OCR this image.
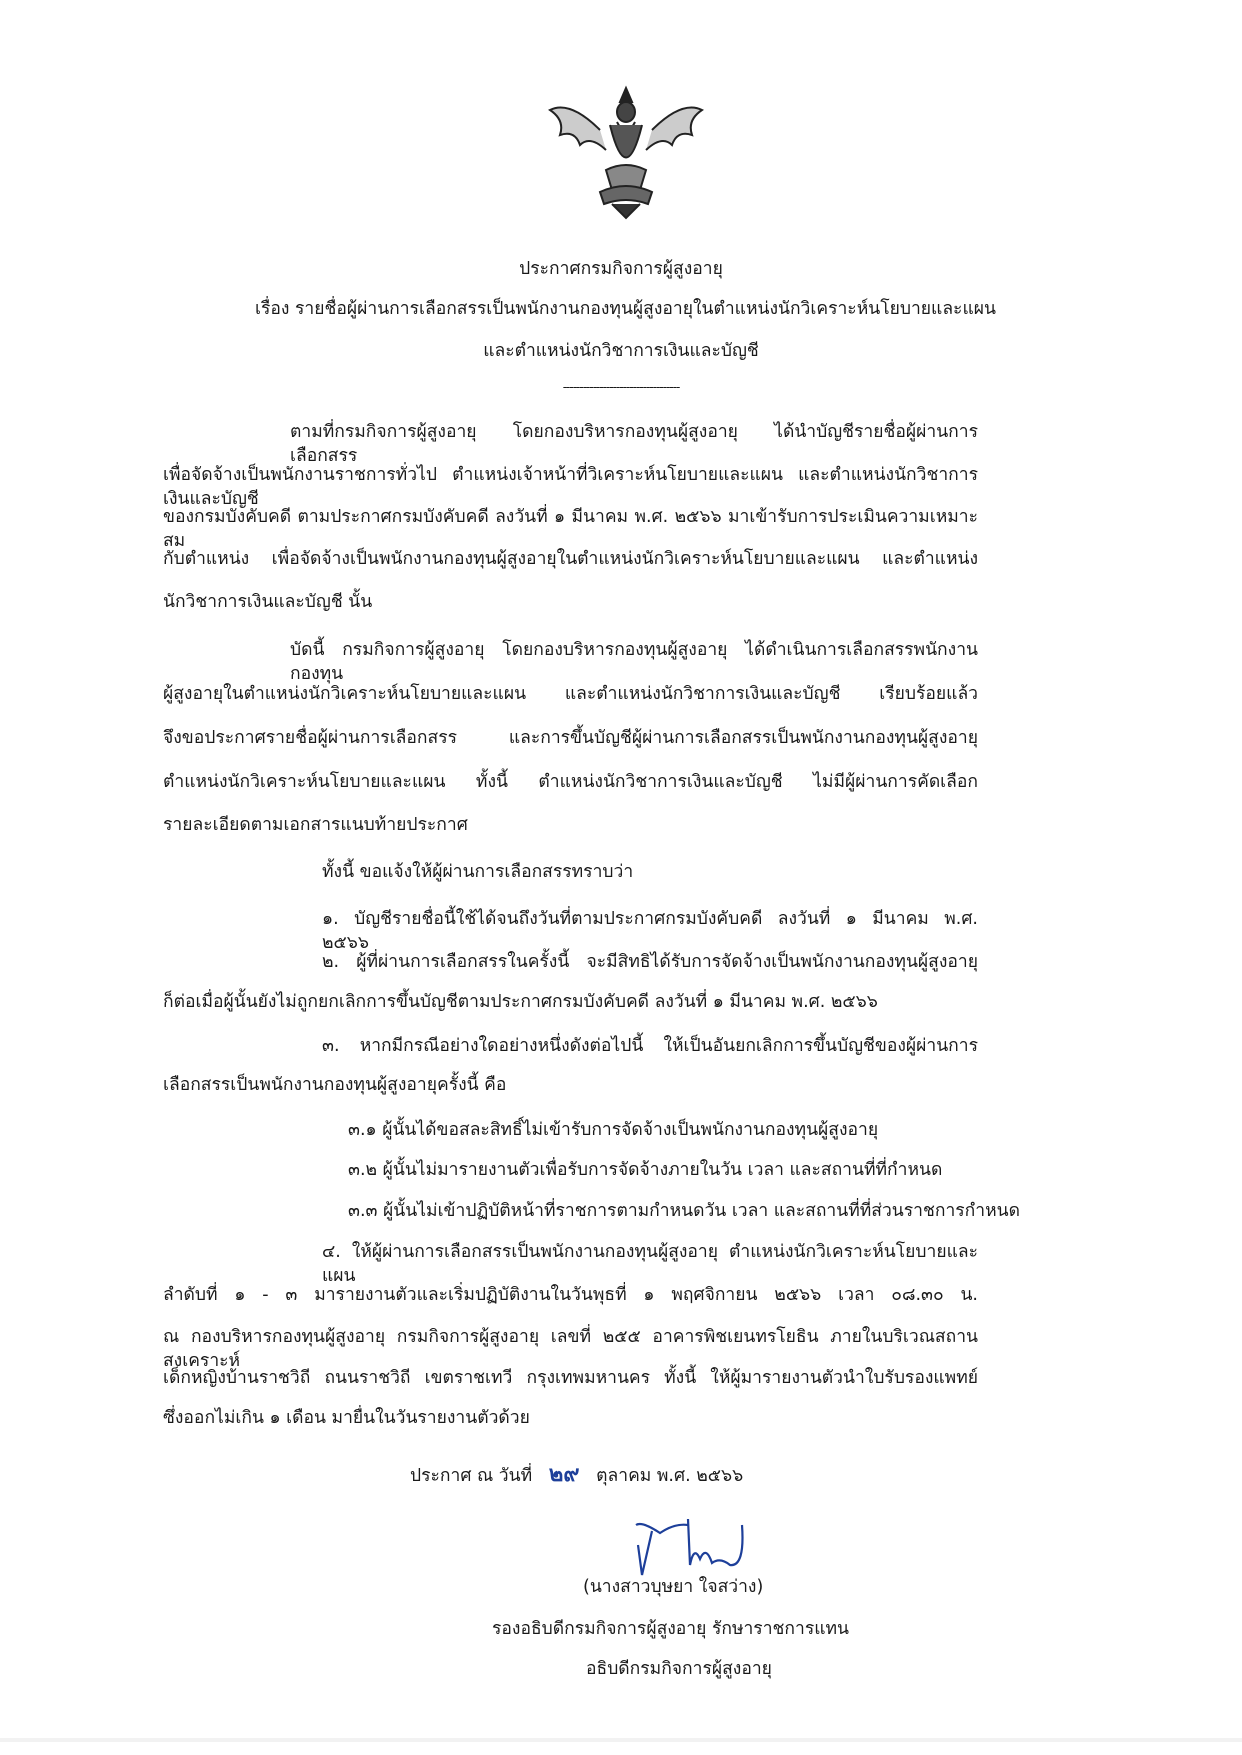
ประกาศกรมกิจการผู้สูงอายุ
เรื่อง รายชื่อผู้ผ่านการเลือกสรรเป็นพนักงานกองทุนผู้สูงอายุในตำแหน่งนักวิเคราะห์นโยบายและแผน
และตำแหน่งนักวิชาการเงินและบัญชี
-----------------------------------
ตามที่กรมกิจการผู้สูงอายุ โดยกองบริหารกองทุนผู้สูงอายุ ได้นำบัญชีรายชื่อผู้ผ่านการเลือกสรร
เพื่อจัดจ้างเป็นพนักงานราชการทั่วไป ตำแหน่งเจ้าหน้าที่วิเคราะห์นโยบายและแผน และตำแหน่งนักวิชาการเงินและบัญชี
ของกรมบังคับคดี ตามประกาศกรมบังคับคดี ลงวันที่ ๑ มีนาคม พ.ศ. ๒๕๖๖ มาเข้ารับการประเมินความเหมาะสม
กับตำแหน่ง เพื่อจัดจ้างเป็นพนักงานกองทุนผู้สูงอายุในตำแหน่งนักวิเคราะห์นโยบายและแผน และตำแหน่ง
นักวิชาการเงินและบัญชี นั้น
บัดนี้ กรมกิจการผู้สูงอายุ โดยกองบริหารกองทุนผู้สูงอายุ ได้ดำเนินการเลือกสรรพนักงานกองทุน
ผู้สูงอายุในตำแหน่งนักวิเคราะห์นโยบายและแผน และตำแหน่งนักวิชาการเงินและบัญชี เรียบร้อยแล้ว
จึงขอประกาศรายชื่อผู้ผ่านการเลือกสรร และการขึ้นบัญชีผู้ผ่านการเลือกสรรเป็นพนักงานกองทุนผู้สูงอายุ
ตำแหน่งนักวิเคราะห์นโยบายและแผน ทั้งนี้ ตำแหน่งนักวิชาการเงินและบัญชี ไม่มีผู้ผ่านการคัดเลือก
รายละเอียดตามเอกสารแนบท้ายประกาศ
ทั้งนี้ ขอแจ้งให้ผู้ผ่านการเลือกสรรทราบว่า
๑. บัญชีรายชื่อนี้ใช้ได้จนถึงวันที่ตามประกาศกรมบังคับคดี ลงวันที่ ๑ มีนาคม พ.ศ. ๒๕๖๖
๒. ผู้ที่ผ่านการเลือกสรรในครั้งนี้ จะมีสิทธิได้รับการจัดจ้างเป็นพนักงานกองทุนผู้สูงอายุ
ก็ต่อเมื่อผู้นั้นยังไม่ถูกยกเลิกการขึ้นบัญชีตามประกาศกรมบังคับคดี ลงวันที่ ๑ มีนาคม พ.ศ. ๒๕๖๖
๓. หากมีกรณีอย่างใดอย่างหนึ่งดังต่อไปนี้ ให้เป็นอันยกเลิกการขึ้นบัญชีของผู้ผ่านการ
เลือกสรรเป็นพนักงานกองทุนผู้สูงอายุครั้งนี้ คือ
๓.๑ ผู้นั้นได้ขอสละสิทธิ์ไม่เข้ารับการจัดจ้างเป็นพนักงานกองทุนผู้สูงอายุ
๓.๒ ผู้นั้นไม่มารายงานตัวเพื่อรับการจัดจ้างภายในวัน เวลา และสถานที่ที่กำหนด
๓.๓ ผู้นั้นไม่เข้าปฏิบัติหน้าที่ราชการตามกำหนดวัน เวลา และสถานที่ที่ส่วนราชการกำหนด
๔. ให้ผู้ผ่านการเลือกสรรเป็นพนักงานกองทุนผู้สูงอายุ ตำแหน่งนักวิเคราะห์นโยบายและแผน
ลำดับที่ ๑ - ๓ มารายงานตัวและเริ่มปฏิบัติงานในวันพุธที่ ๑ พฤศจิกายน ๒๕๖๖ เวลา ๐๘.๓๐ น.
ณ กองบริหารกองทุนผู้สูงอายุ กรมกิจการผู้สูงอายุ เลขที่ ๒๕๕ อาคารพิชเยนทรโยธิน ภายในบริเวณสถานสงเคราะห์
เด็กหญิงบ้านราชวิถี ถนนราชวิถี เขตราชเทวี กรุงเทพมหานคร ทั้งนี้ ให้ผู้มารายงานตัวนำใบรับรองแพทย์
ซึ่งออกไม่เกิน ๑ เดือน มายื่นในวันรายงานตัวด้วย
ประกาศ ณ วันที่ ๒๙ ตุลาคม พ.ศ. ๒๕๖๖
(นางสาวบุษยา ใจสว่าง)
รองอธิบดีกรมกิจการผู้สูงอายุ รักษาราชการแทน
อธิบดีกรมกิจการผู้สูงอายุ
